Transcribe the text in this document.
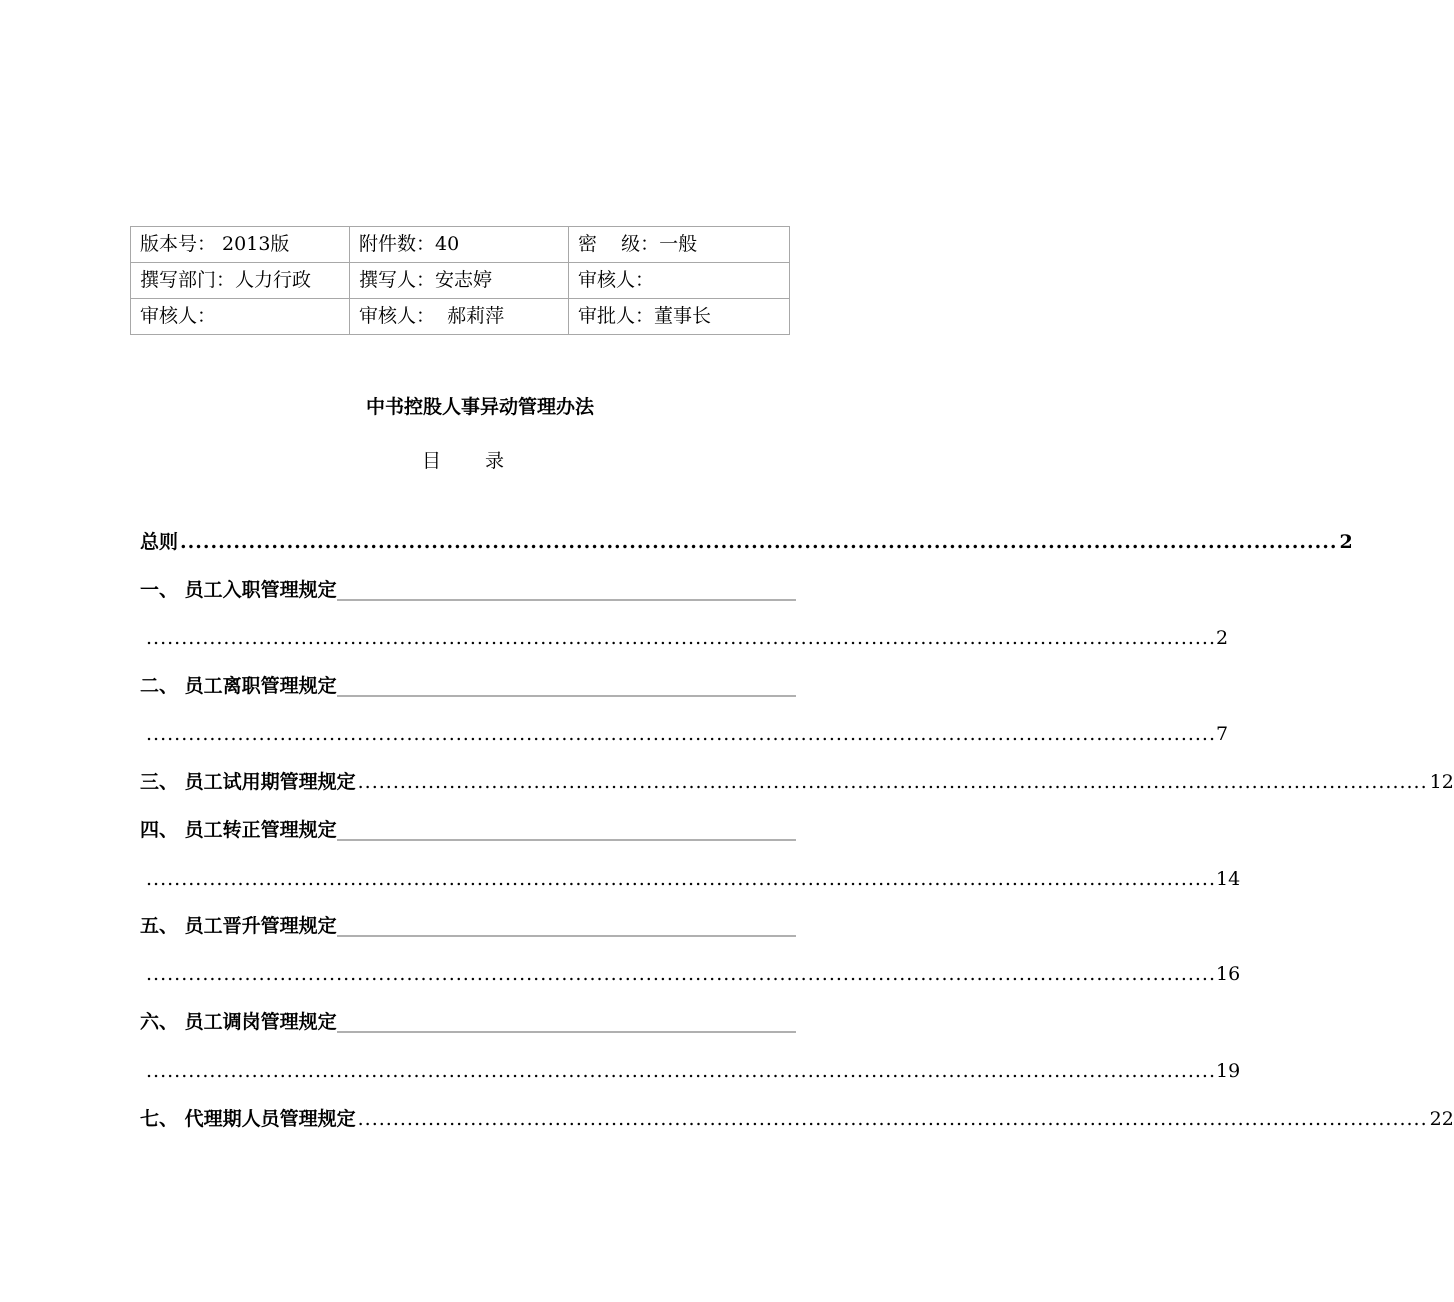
版本号： 2013版	附件数：40	密    级：一般
撰写部门：人力行政	撰写人：安志婷	审核人：
审核人：	审核人：  郝莉萍	审批人：董事长
中书控股人事异动管理办法
目 录
总则 ........................................................................................................................................................ 2
一、 员工入职管理规定
........................................................................................................................................................ 2
二、 员工离职管理规定
........................................................................................................................................................ 7
三、 员工试用期管理规定 ........................................................................................................................................................ 12
四、 员工转正管理规定
........................................................................................................................................................ 14
五、 员工晋升管理规定
........................................................................................................................................................ 16
六、 员工调岗管理规定
........................................................................................................................................................ 19
七、 代理期人员管理规定 ........................................................................................................................................................ 22
